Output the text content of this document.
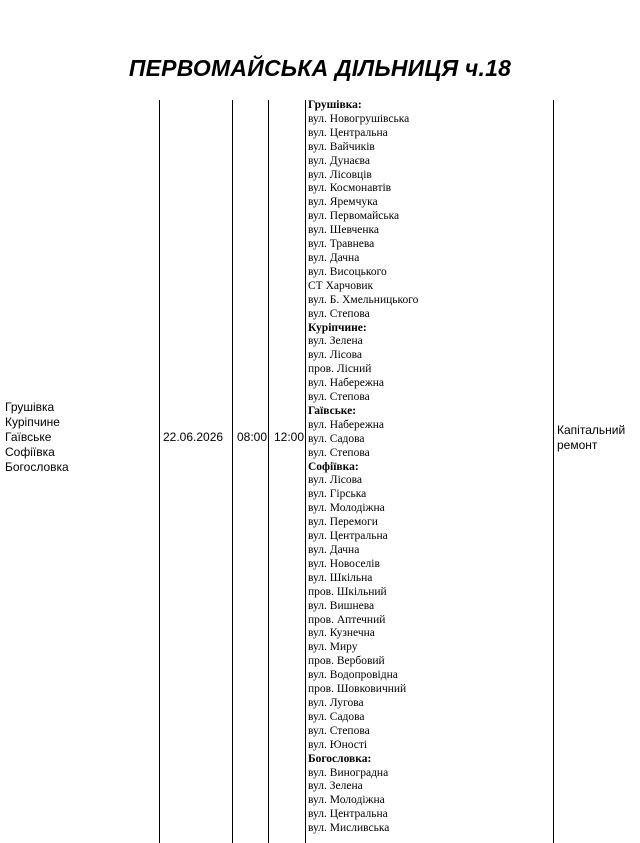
ПЕРВОМАЙСЬКА ДІЛЬНИЦЯ ч.18
Грушівка
Куріпчине
Гаївське
Софіївка
Богословка
22.06.2026 08:00 12:00	Капітальний ремонт
Грушівка:
вул. Новогрушівська
вул. Центральна
вул. Вайчиків
вул. Дунаєва
вул. Лісовців
вул. Космонавтів
вул. Яремчука
вул. Первомайська
вул. Шевченка
вул. Травнева
вул. Дачна
вул. Висоцького
СТ Харчовик
вул. Б. Хмельницького
вул. Степова
Куріпчине:
вул. Зелена
вул. Лісова
пров. Лісний
вул. Набережна
вул. Степова
Гаївське:
вул. Набережна
вул. Садова
вул. Степова
Софіївка:
вул. Лісова
вул. Гірська
вул. Молодіжна
вул. Перемоги
вул. Центральна
вул. Дачна
вул. Новоселів
вул. Шкільна
пров. Шкільний
вул. Вишнева
пров. Аптечний
вул. Кузнечна
вул. Миру
пров. Вербовий
вул. Водопровідна
пров. Шовковичний
вул. Лугова
вул. Садова
вул. Степова
вул. Юності
Богословка:
вул. Виноградна
вул. Зелена
вул. Молодіжна
вул. Центральна
вул. Мисливська
